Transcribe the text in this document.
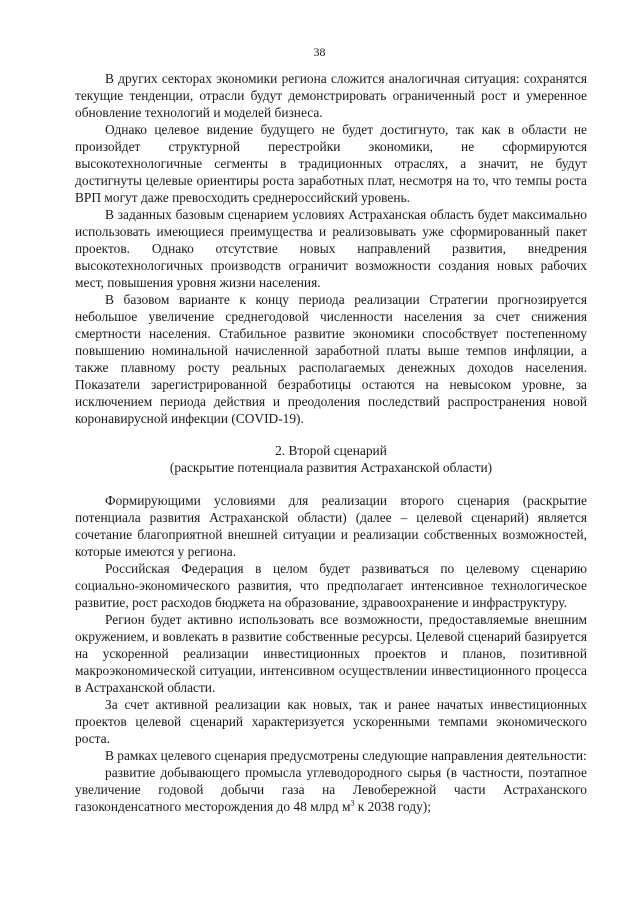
38

В других секторах экономики региона сложится аналогичная ситуация: сохранятся текущие тенденции, отрасли будут демонстрировать ограниченный рост и умеренное обновление технологий и моделей бизнеса.

Однако целевое видение будущего не будет достигнуто, так как в области не произойдет структурной перестройки экономики, не сформируются высокотехнологичные сегменты в традиционных отраслях, а значит, не будут достигнуты целевые ориентиры роста заработных плат, несмотря на то, что темпы роста ВРП могут даже превосходить среднероссийский уровень.

В заданных базовым сценарием условиях Астраханская область будет максимально использовать имеющиеся преимущества и реализовывать уже сформированный пакет проектов. Однако отсутствие новых направлений развития, внедрения высокотехнологичных производств ограничит возможности создания новых рабочих мест, повышения уровня жизни населения.

В базовом варианте к концу периода реализации Стратегии прогнозируется небольшое увеличение среднегодовой численности населения за счет снижения смертности населения. Стабильное развитие экономики способствует постепенному повышению номинальной начисленной заработной платы выше темпов инфляции, а также плавному росту реальных располагаемых денежных доходов населения. Показатели зарегистрированной безработицы остаются на невысоком уровне, за исключением периода действия и преодоления последствий распространения новой коронавирусной инфекции (COVID-19).

2. Второй сценарий
(раскрытие потенциала развития Астраханской области)

Формирующими условиями для реализации второго сценария (раскрытие потенциала развития Астраханской области) (далее – целевой сценарий) является сочетание благоприятной внешней ситуации и реализации собственных возможностей, которые имеются у региона.

Российская Федерация в целом будет развиваться по целевому сценарию социально-экономического развития, что предполагает интенсивное технологическое развитие, рост расходов бюджета на образование, здравоохранение и инфраструктуру.

Регион будет активно использовать все возможности, предоставляемые внешним окружением, и вовлекать в развитие собственные ресурсы. Целевой сценарий базируется на ускоренной реализации инвестиционных проектов и планов, позитивной макроэкономической ситуации, интенсивном осуществлении инвестиционного процесса в Астраханской области.

За счет активной реализации как новых, так и ранее начатых инвестиционных проектов целевой сценарий характеризуется ускоренными темпами экономического роста.

В рамках целевого сценария предусмотрены следующие направления деятельности:

развитие добывающего промысла углеводородного сырья (в частности, поэтапное увеличение годовой добычи газа на Левобережной части Астраханского газоконденсатного месторождения до 48 млрд $м^3$ к 2038 году);
